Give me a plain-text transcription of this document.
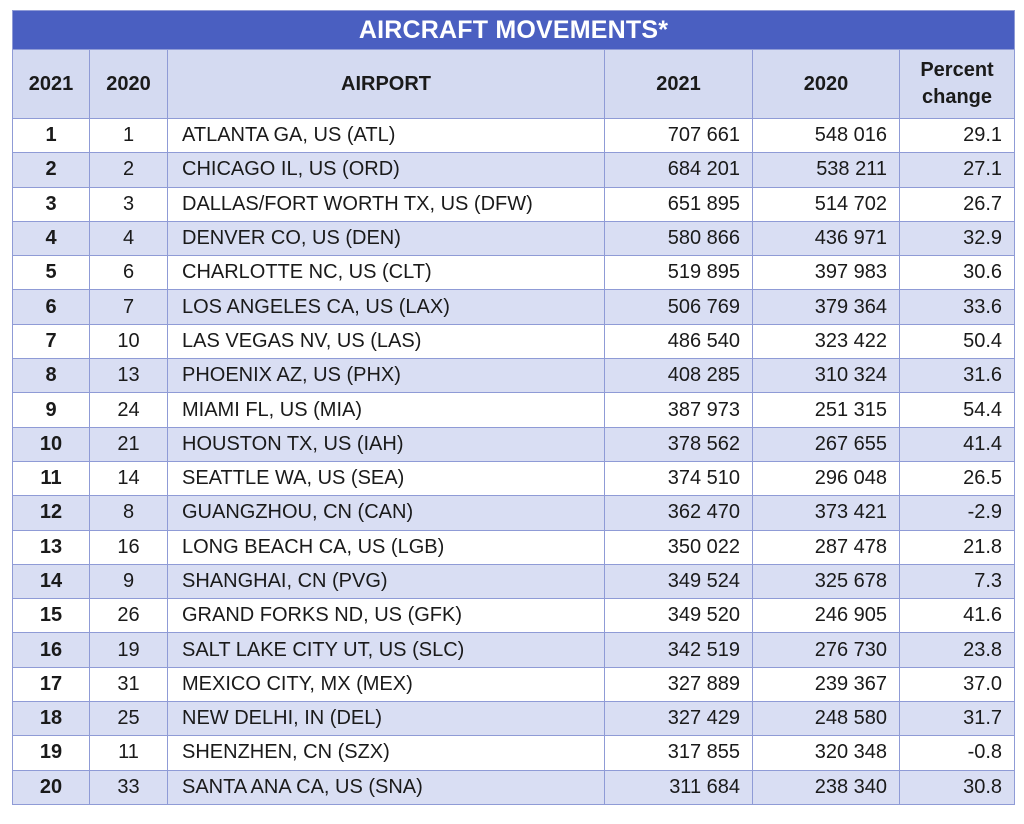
AIRCRAFT MOVEMENTS*					
2021	2020	AIRPORT	2021	2020	Percent
change
1	1	ATLANTA GA, US (ATL)	707 661	548 016	29.1
2	2	CHICAGO IL, US (ORD)	684 201	538 211	27.1
3	3	DALLAS/FORT WORTH TX, US (DFW)	651 895	514 702	26.7
4	4	DENVER CO, US (DEN)	580 866	436 971	32.9
5	6	CHARLOTTE NC, US (CLT)	519 895	397 983	30.6
6	7	LOS ANGELES CA, US (LAX)	506 769	379 364	33.6
7	10	LAS VEGAS NV, US (LAS)	486 540	323 422	50.4
8	13	PHOENIX AZ, US (PHX)	408 285	310 324	31.6
9	24	MIAMI FL, US (MIA)	387 973	251 315	54.4
10	21	HOUSTON TX, US (IAH)	378 562	267 655	41.4
11	14	SEATTLE WA, US (SEA)	374 510	296 048	26.5
12	8	GUANGZHOU, CN (CAN)	362 470	373 421	-2.9
13	16	LONG BEACH CA, US (LGB)	350 022	287 478	21.8
14	9	SHANGHAI, CN (PVG)	349 524	325 678	7.3
15	26	GRAND FORKS ND, US (GFK)	349 520	246 905	41.6
16	19	SALT LAKE CITY UT, US (SLC)	342 519	276 730	23.8
17	31	MEXICO CITY, MX (MEX)	327 889	239 367	37.0
18	25	NEW DELHI, IN (DEL)	327 429	248 580	31.7
19	11	SHENZHEN, CN (SZX)	317 855	320 348	-0.8
20	33	SANTA ANA CA, US (SNA)	311 684	238 340	30.8
